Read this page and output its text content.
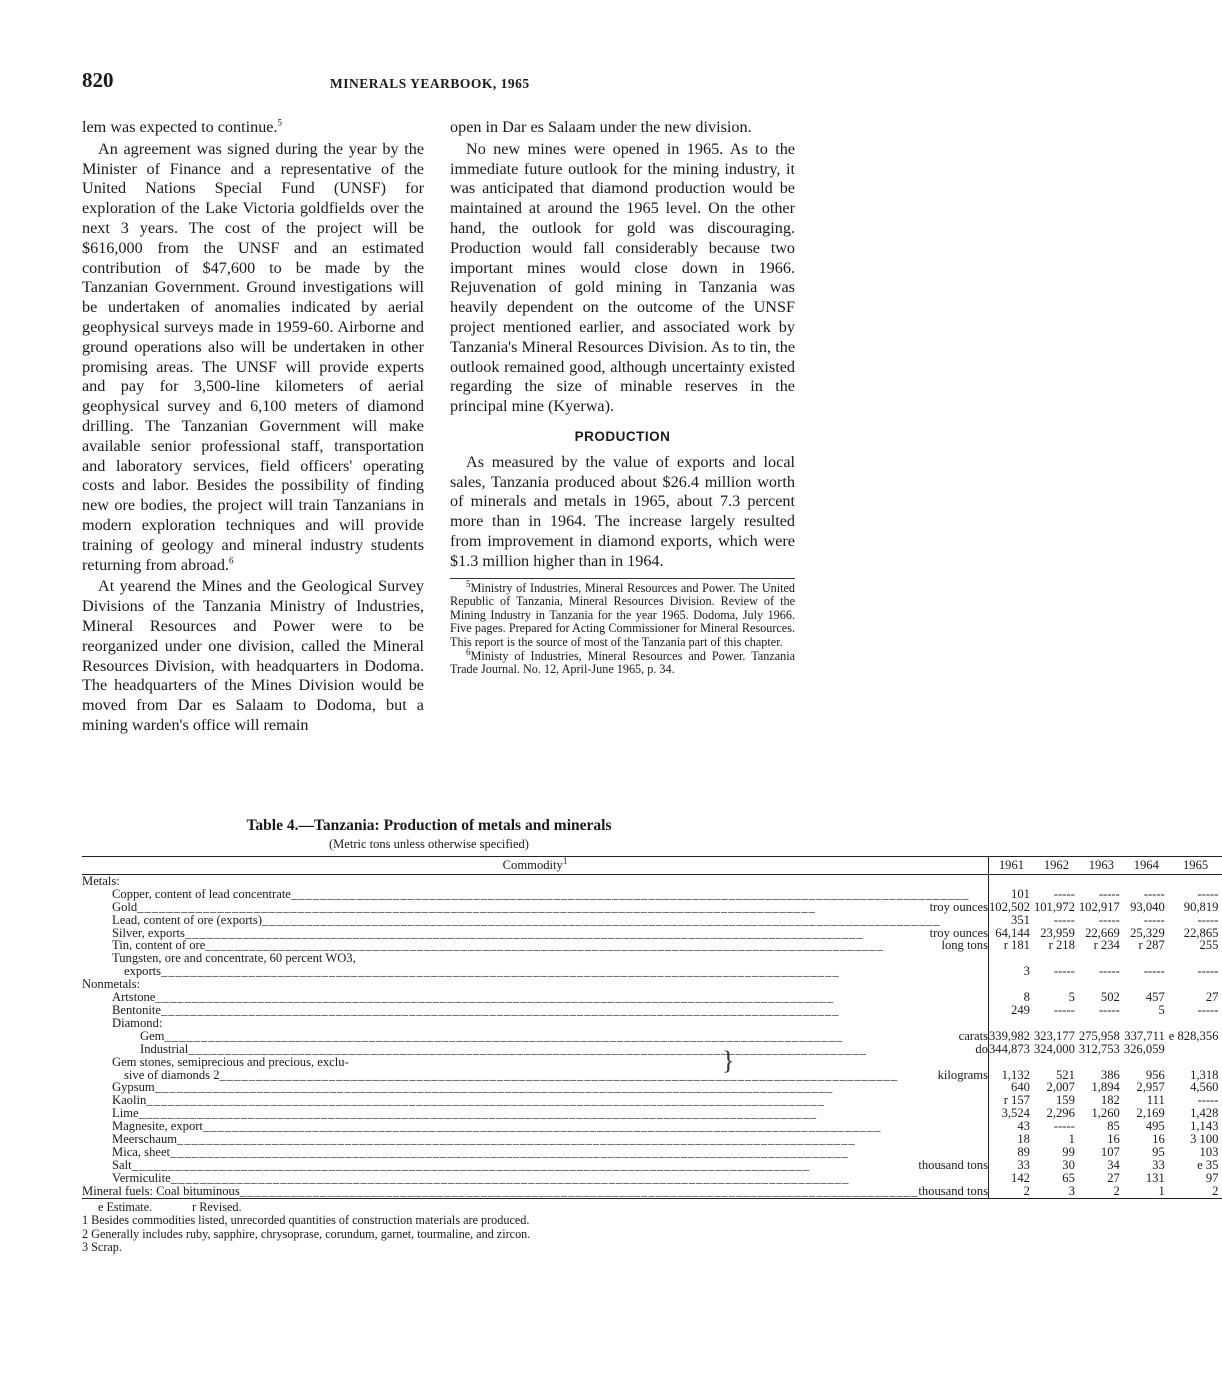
820	MINERALS YEARBOOK, 1965

lem was expected to continue.$^5$

An agreement was signed during the year by the Minister of Finance and a representative of the United Nations Special Fund (UNSF) for exploration of the Lake Victoria goldfields over the next 3 years. The cost of the project will be $616,000 from the UNSF and an estimated contribution of $47,600 to be made by the Tanzanian Government. Ground investigations will be undertaken of anomalies indicated by aerial geophysical surveys made in 1959-60. Airborne and ground operations also will be undertaken in other promising areas. The UNSF will provide experts and pay for 3,500-line kilometers of aerial geophysical survey and 6,100 meters of diamond drilling. The Tanzanian Government will make available senior professional staff, transportation and laboratory services, field officers' operating costs and labor. Besides the possibility of finding new ore bodies, the project will train Tanzanians in modern exploration techniques and will provide training of geology and mineral industry students returning from abroad.$^6$

At yearend the Mines and the Geological Survey Divisions of the Tanzania Ministry of Industries, Mineral Resources and Power were to be reorganized under one division, called the Mineral Resources Division, with headquarters in Dodoma. The headquarters of the Mines Division would be moved from Dar es Salaam to Dodoma, but a mining warden's office will remain

open in Dar es Salaam under the new division.

No new mines were opened in 1965. As to the immediate future outlook for the mining industry, it was anticipated that diamond production would be maintained at around the 1965 level. On the other hand, the outlook for gold was discouraging. Production would fall considerably because two important mines would close down in 1966. Rejuvenation of gold mining in Tanzania was heavily dependent on the outcome of the UNSF project mentioned earlier, and associated work by Tanzania's Mineral Resources Division. As to tin, the outlook remained good, although uncertainty existed regarding the size of minable reserves in the principal mine (Kyerwa).

PRODUCTION

As measured by the value of exports and local sales, Tanzania produced about $26.4 million worth of minerals and metals in 1965, about 7.3 percent more than in 1964. The increase largely resulted from improvement in diamond exports, which were $1.3 million higher than in 1964.

$^5$Ministry of Industries, Mineral Resources and Power. The United Republic of Tanzania, Mineral Resources Division. Review of the Mining Industry in Tanzania for the year 1965. Dodoma, July 1966. Five pages. Prepared for Acting Commissioner for Mineral Resources. This report is the source of most of the Tanzania part of this chapter.

$^6$Ministy of Industries, Mineral Resources and Power. Tanzania Trade Journal. No. 12, April-June 1965, p. 34.

Table 4.—Tanzania: Production of metals and minerals
(Metric tons unless otherwise specified)
Commodity$^1$	1961	1962	1963	1964	1965

Metals:					

Copper, content of lead concentrate
_____	101	-----	-----	-----	-----

Gold _____ troy ounces	102,502	101,972	102,917	93,040	90,819

Lead, content of ore (exports)
_____	351	-----	-----	-----	-----

Silver, exports _____ troy ounces	64,144	23,959	22,669	25,329	22,865

Tin, content of ore _____ long tons	r 181	r 218	r 234	r 287	255

Tungsten, ore and concentrate, 60 percent WO3,					

exports
_____	3	-----	-----	-----	-----

Nonmetals:					

Artstone
_____	8	5	502	457	27

Bentonite
_____	249	-----	-----	5	-----

Diamond:					

Gem _____ carats	339,982	323,177	275,958	337,711	e 828,356

Industrial _____ do	344,873	324,000	312,753	326,059	

Gem stones, semiprecious and precious, exclu-					

sive of diamonds 2 _____ kilograms	1,132	521	386	956	1,318

Gypsum
_____	640	2,007	1,894	2,957	4,560

Kaolin
_____	r 157	159	182	111	-----

Lime
_____	3,524	2,296	1,260	2,169	1,428

Magnesite, export
_____	43	-----	85	495	1,143

Meerschaum
_____	18	1	16	16	3 100

Mica, sheet
_____	89	99	107	95	103

Salt _____ thousand tons	33	30	34	33	e 35

Vermiculite
_____	142	65	27	131	97

Mineral fuels: Coal bituminous _____ thousand tons	2	3	2	1	2
}

e Estimate.	r Revised.

1 Besides commodities listed, unrecorded quantities of construction materials are produced.

2 Generally includes ruby, sapphire, chrysoprase, corundum, garnet, tourmaline, and zircon.

3 Scrap.
